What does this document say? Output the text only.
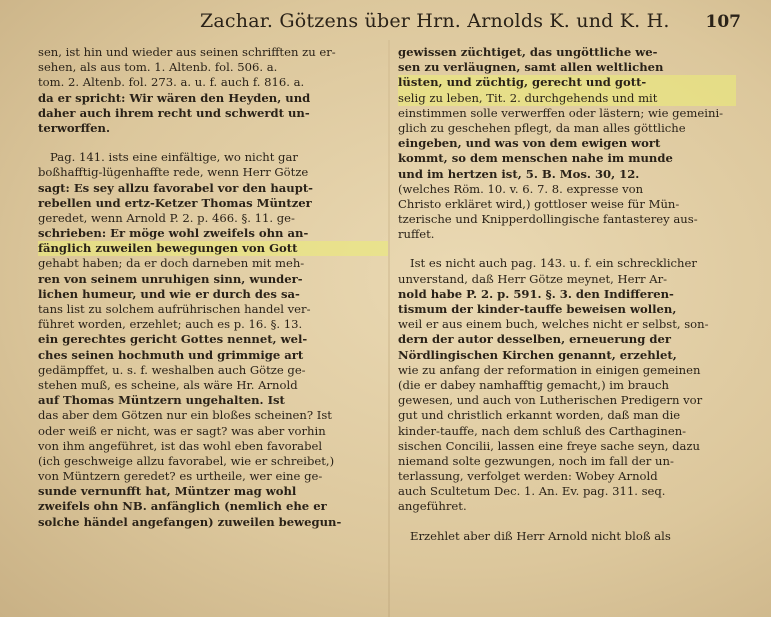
Zachar. Götzens über Hrn. Arnolds K. und K. H. 107
sen, ist hin und wieder aus seinen schrifften zu er-
sehen, als aus tom. 1. Altenb. fol. 506. a.
tom. 2. Altenb. fol. 273. a. u. f. auch f. 816. a.
da er spricht: Wir wären den Heyden, und
daher auch ihrem recht und schwerdt un-
terworffen.
Pag. 141. ists eine einfältige, wo nicht gar
boßhafftig-lügenhaffte rede, wenn Herr Götze
sagt: Es sey allzu favorabel vor den haupt-
rebellen und ertz-Ketzer Thomas Müntzer
geredet, wenn Arnold P. 2. p. 466. §. 11. ge-
schrieben: Er möge wohl zweifels ohn an-
fänglich zuweilen bewegungen von Gott
gehabt haben; da er doch darneben mit meh-
ren von seinem unruhigen sinn, wunder-
lichen humeur, und wie er durch des sa-
tans list zu solchem aufrührischen handel ver-
führet worden, erzehlet; auch es p. 16. §. 13.
ein gerechtes gericht Gottes nennet, wel-
ches seinen hochmuth und grimmige art
gedämpffet, u. s. f. weshalben auch Götze ge-
stehen muß, es scheine, als wäre Hr. Arnold
auf Thomas Müntzern ungehalten. Ist
das aber dem Götzen nur ein bloßes scheinen? Ist
oder weiß er nicht, was er sagt? was aber vorhin
von ihm angeführet, ist das wohl eben favorabel
(ich geschweige allzu favorabel, wie er schreibet,)
von Müntzern geredet? es urtheile, wer eine ge-
sunde vernunfft hat, Müntzer mag wohl
zweifels ohn NB. anfänglich (nemlich ehe er
solche händel angefangen) zuweilen bewegun-
gewissen züchtiget, das ungöttliche we-
sen zu verläugnen, samt allen weltlichen
lüsten, und züchtig, gerecht und gott-
selig zu leben, Tit. 2. durchgehends und mit
einstimmen solle verwerffen oder lästern; wie gemeini-
glich zu geschehen pflegt, da man alles göttliche
eingeben, und was von dem ewigen wort
kommt, so dem menschen nahe im munde
und im hertzen ist, 5. B. Mos. 30, 12.
(welches Röm. 10. v. 6. 7. 8. expresse von
Christo erkläret wird,) gottloser weise für Mün-
tzerische und Knipperdollingische fantasterey aus-
ruffet.
Ist es nicht auch pag. 143. u. f. ein schrecklicher
unverstand, daß Herr Götze meynet, Herr Ar-
nold habe P. 2. p. 591. §. 3. den Indifferen-
tismum der kinder-tauffe beweisen wollen,
weil er aus einem buch, welches nicht er selbst, son-
dern der autor desselben, erneuerung der
Nördlingischen Kirchen genannt, erzehlet,
wie zu anfang der reformation in einigen gemeinen
(die er dabey namhafftig gemacht,) im brauch
gewesen, und auch von Lutherischen Predigern vor
gut und christlich erkannt worden, daß man die
kinder-tauffe, nach dem schluß des Carthaginen-
sischen Concilii, lassen eine freye sache seyn, dazu
niemand solte gezwungen, noch im fall der un-
terlassung, verfolget werden: Wobey Arnold
auch Scultetum Dec. 1. An. Ev. pag. 311. seq.
angeführet.
Erzehlet aber diß Herr Arnold nicht bloß als
